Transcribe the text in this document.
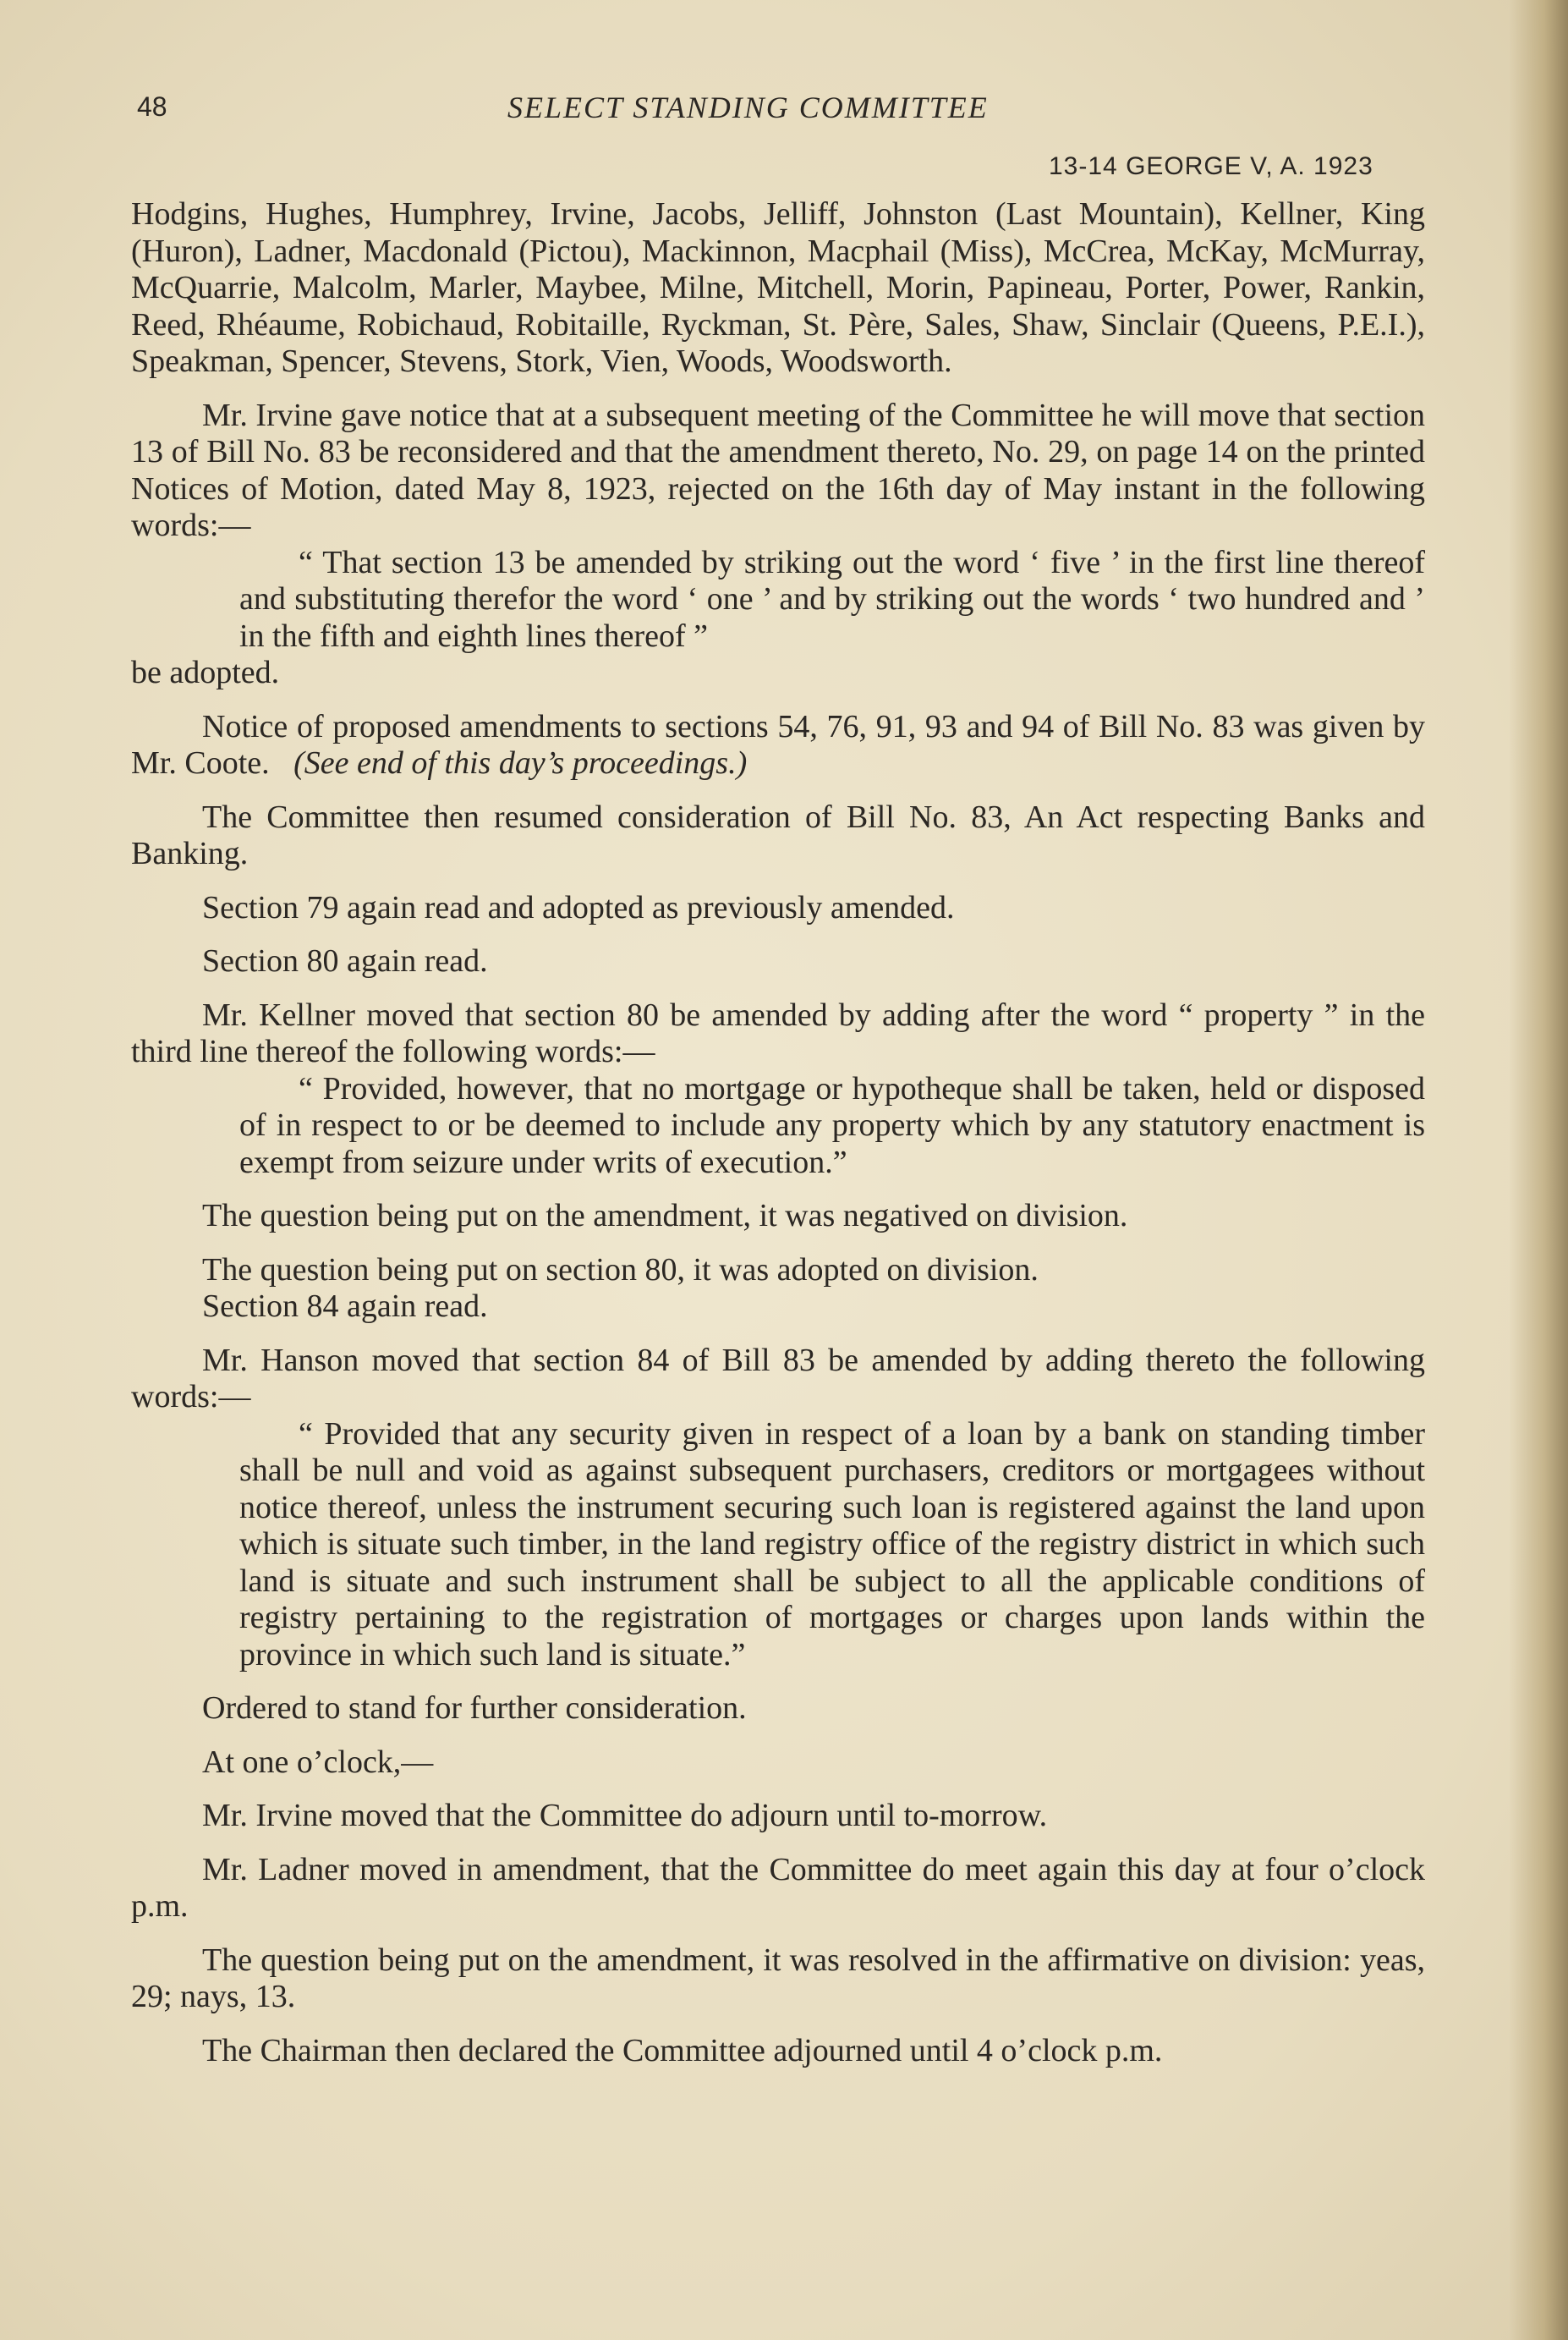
48	SELECT STANDING COMMITTEE
13-14 GEORGE V, A. 1923

Hodgins, Hughes, Humphrey, Irvine, Jacobs, Jelliff, Johnston (Last Mountain), Kellner, King (Huron), Ladner, Macdonald (Pictou), Mackinnon, Macphail (Miss), McCrea, McKay, McMurray, McQuarrie, Malcolm, Marler, Maybee, Milne, Mitchell, Morin, Papineau, Porter, Power, Rankin, Reed, Rhéaume, Robichaud, Robitaille, Ryckman, St. Père, Sales, Shaw, Sinclair (Queens, P.E.I.), Speakman, Spencer, Stevens, Stork, Vien, Woods, Woodsworth.

Mr. Irvine gave notice that at a subsequent meeting of the Committee he will move that section 13 of Bill No. 83 be reconsidered and that the amendment thereto, No. 29, on page 14 on the printed Notices of Motion, dated May 8, 1923, rejected on the 16th day of May instant in the following words:—

“ That section 13 be amended by striking out the word ‘ five ’ in the first line thereof and substituting therefor the word ‘ one ’ and by striking out the words ‘ two hundred and ’ in the fifth and eighth lines thereof ”

be adopted.

Notice of proposed amendments to sections 54, 76, 91, 93 and 94 of Bill No. 83 was given by Mr. Coote. (See end of this day’s proceedings.)

The Committee then resumed consideration of Bill No. 83, An Act respecting Banks and Banking.

Section 79 again read and adopted as previously amended.

Section 80 again read.

Mr. Kellner moved that section 80 be amended by adding after the word “ property ” in the third line thereof the following words:—

“ Provided, however, that no mortgage or hypotheque shall be taken, held or disposed of in respect to or be deemed to include any property which by any statutory enactment is exempt from seizure under writs of execution.”

The question being put on the amendment, it was negatived on division.

The question being put on section 80, it was adopted on division.

Section 84 again read.

Mr. Hanson moved that section 84 of Bill 83 be amended by adding thereto the following words:—

“ Provided that any security given in respect of a loan by a bank on standing timber shall be null and void as against subsequent purchasers, creditors or mortgagees without notice thereof, unless the instrument securing such loan is registered against the land upon which is situate such timber, in the land registry office of the registry district in which such land is situate and such instrument shall be subject to all the applicable conditions of registry pertaining to the registration of mortgages or charges upon lands within the province in which such land is situate.”

Ordered to stand for further consideration.

At one o’clock,—

Mr. Irvine moved that the Committee do adjourn until to-morrow.

Mr. Ladner moved in amendment, that the Committee do meet again this day at four o’clock p.m.

The question being put on the amendment, it was resolved in the affirmative on division: yeas, 29; nays, 13.

The Chairman then declared the Committee adjourned until 4 o’clock p.m.
